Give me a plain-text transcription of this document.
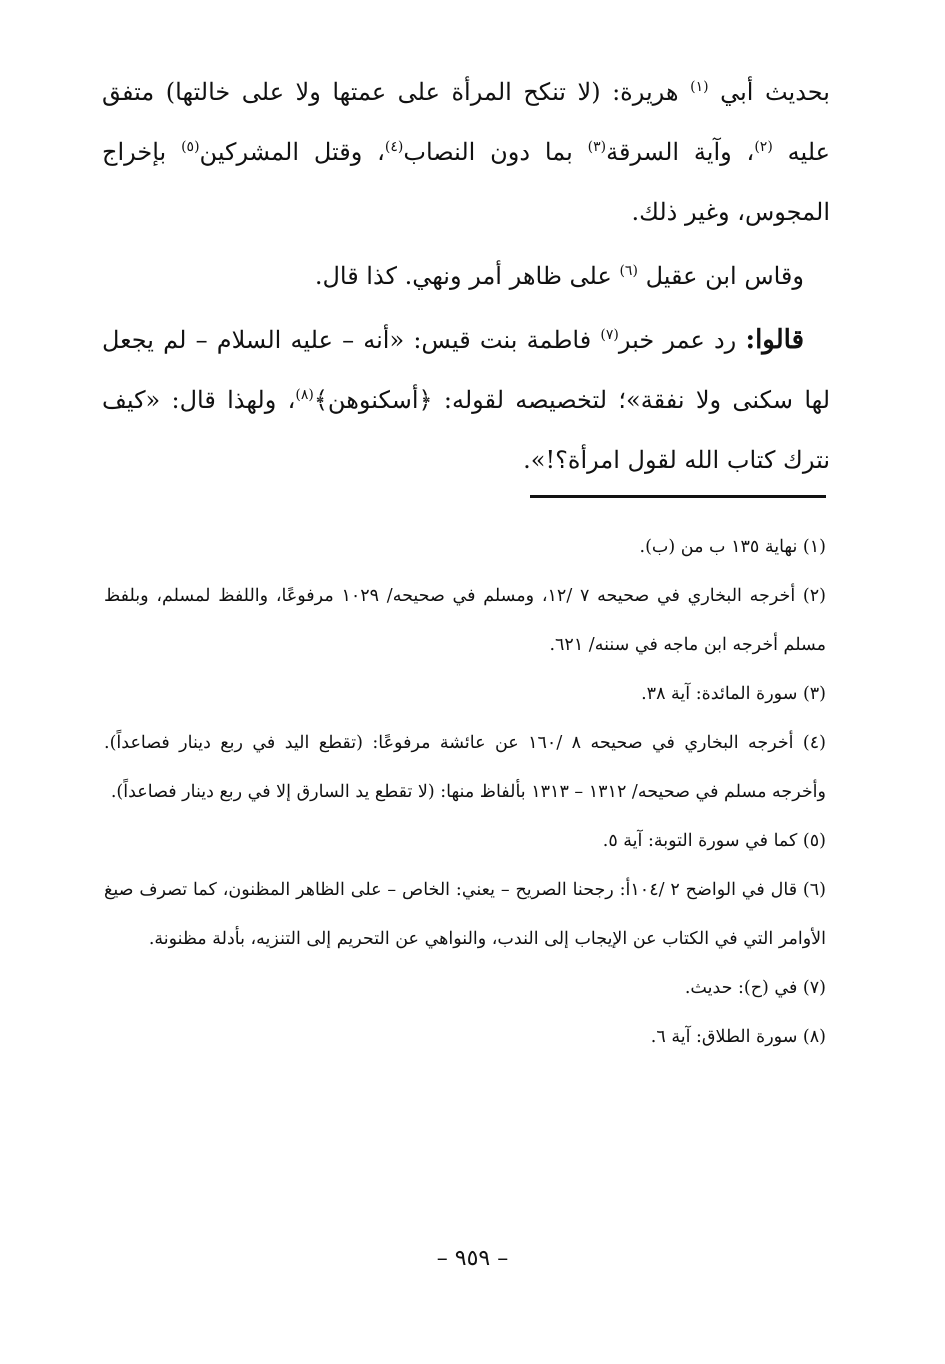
بحديث أبي $^{(١)}$ هريرة: (لا تنكح المرأة على عمتها ولا على خالتها) متفق عليه $^{(٢)}$، وآية السرقة$^{(٣)}$ بما دون النصاب$^{(٤)}$، وقتل المشركين$^{(٥)}$ بإخراج المجوس، وغير ذلك.

وقاس ابن عقيل $^{(٦)}$ على ظاهر أمر ونهي. كذا قال.

قالوا: رد عمر خبر$^{(٧)}$ فاطمة بنت قيس: «أنه – عليه السلام – لم يجعل لها سكنى ولا نفقة»؛ لتخصيصه لقوله: ﴿أسكنوهن﴾$^{(٨)}$، ولهذا قال: «كيف نترك كتاب الله لقول امرأة؟!».

(١) نهاية ١٣٥ ب من (ب).

(٢) أخرجه البخاري في صحيحه ٧ /١٢، ومسلم في صحيحه/ ١٠٢٩ مرفوعًا، واللفظ لمسلم، وبلفظ مسلم أخرجه ابن ماجه في سننه/ ٦٢١.

(٣) سورة المائدة: آية ٣٨.

(٤) أخرجه البخاري في صحيحه ٨ /١٦٠ عن عائشة مرفوعًا: (تقطع اليد في ربع دينار فصاعداً). وأخرجه مسلم في صحيحه/ ١٣١٢ – ١٣١٣ بألفاظ منها: (لا تقطع يد السارق إلا في ربع دينار فصاعداً).

(٥) كما في سورة التوبة: آية ٥.

(٦) قال في الواضح ٢ /١٠٤أ: رجحنا الصريح – يعني: الخاص – على الظاهر المظنون، كما تصرف صيغ الأوامر التي في الكتاب عن الإيجاب إلى الندب، والنواهي عن التحريم إلى التنزيه، بأدلة مظنونة.

(٧) في (ح): حديث.

(٨) سورة الطلاق: آية ٦.

– ٩٥٩ –
